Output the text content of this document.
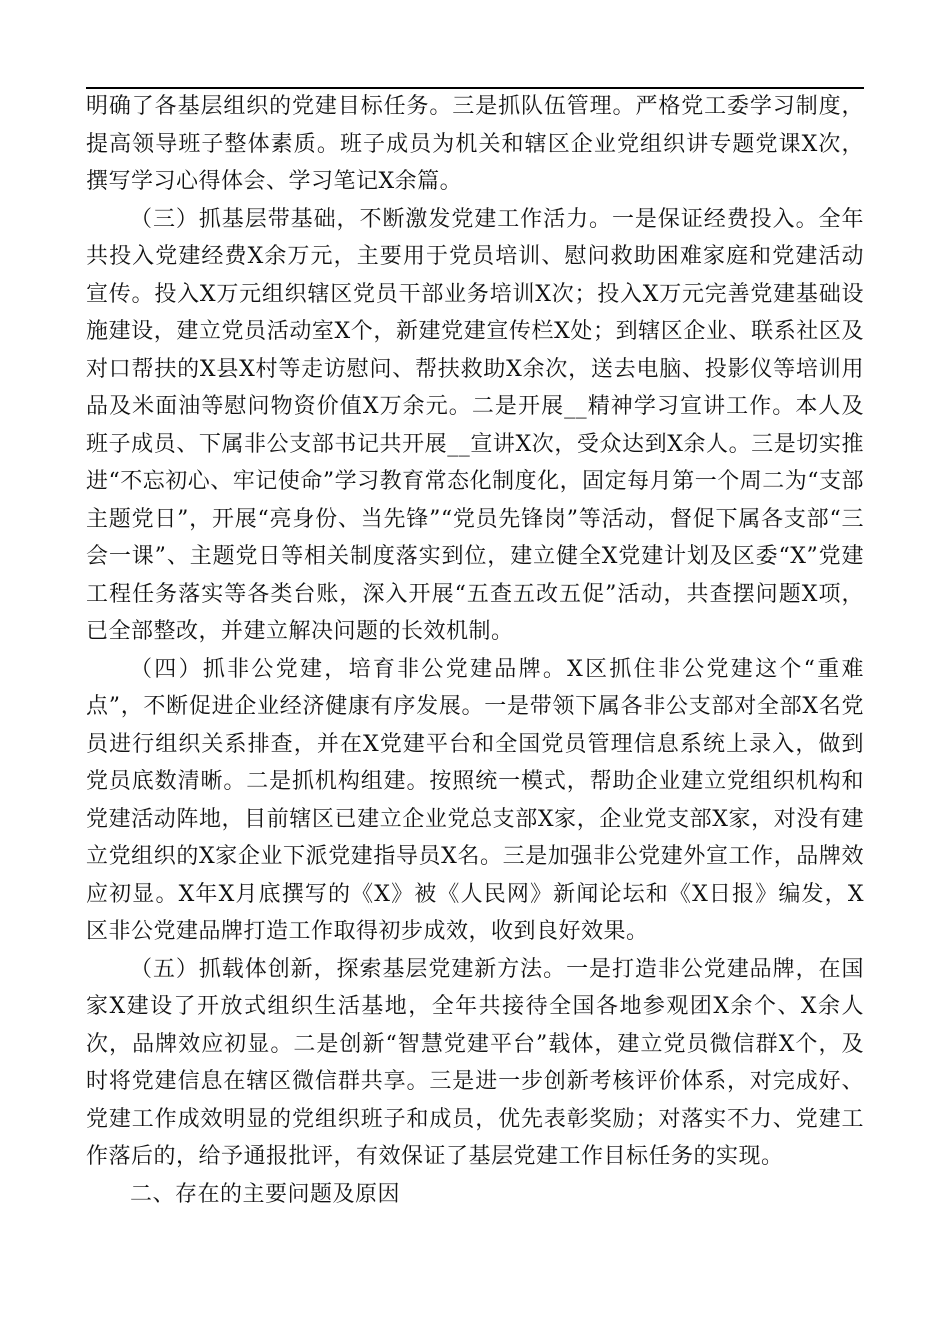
明确了各基层组织的党建目标任务。三是抓队伍管理。严格党工委学习制度，提高领导班子整体素质。班子成员为机关和辖区企业党组织讲专题党课X次，撰写学习心得体会、学习笔记X余篇。

（三）抓基层带基础，不断激发党建工作活力。一是保证经费投入。全年共投入党建经费X余万元，主要用于党员培训、慰问救助困难家庭和党建活动宣传。投入X万元组织辖区党员干部业务培训X次；投入X万元完善党建基础设施建设，建立党员活动室X个，新建党建宣传栏X处；到辖区企业、联系社区及对口帮扶的X县X村等走访慰问、帮扶救助X余次，送去电脑、投影仪等培训用品及米面油等慰问物资价值X万余元。二是开展__精神学习宣讲工作。本人及班子成员、下属非公支部书记共开展__宣讲X次，受众达到X余人。三是切实推进“不忘初心、牢记使命”学习教育常态化制度化，固定每月第一个周二为“支部主题党日”，开展“亮身份、当先锋”“党员先锋岗”等活动，督促下属各支部“三会一课”、主题党日等相关制度落实到位，建立健全X党建计划及区委“X”党建工程任务落实等各类台账，深入开展“五查五改五促”活动，共查摆问题X项，已全部整改，并建立解决问题的长效机制。

（四）抓非公党建，培育非公党建品牌。X区抓住非公党建这个“重难点”，不断促进企业经济健康有序发展。一是带领下属各非公支部对全部X名党员进行组织关系排查，并在X党建平台和全国党员管理信息系统上录入，做到党员底数清晰。二是抓机构组建。按照统一模式，帮助企业建立党组织机构和党建活动阵地，目前辖区已建立企业党总支部X家，企业党支部X家，对没有建立党组织的X家企业下派党建指导员X名。三是加强非公党建外宣工作，品牌效应初显。X年X月底撰写的《X》被《人民网》新闻论坛和《X日报》编发，X区非公党建品牌打造工作取得初步成效，收到良好效果。

（五）抓载体创新，探索基层党建新方法。一是打造非公党建品牌，在国家X建设了开放式组织生活基地，全年共接待全国各地参观团X余个、X余人次，品牌效应初显。二是创新“智慧党建平台”载体，建立党员微信群X个，及时将党建信息在辖区微信群共享。三是进一步创新考核评价体系，对完成好、党建工作成效明显的党组织班子和成员，优先表彰奖励；对落实不力、党建工作落后的，给予通报批评，有效保证了基层党建工作目标任务的实现。

二、存在的主要问题及原因
